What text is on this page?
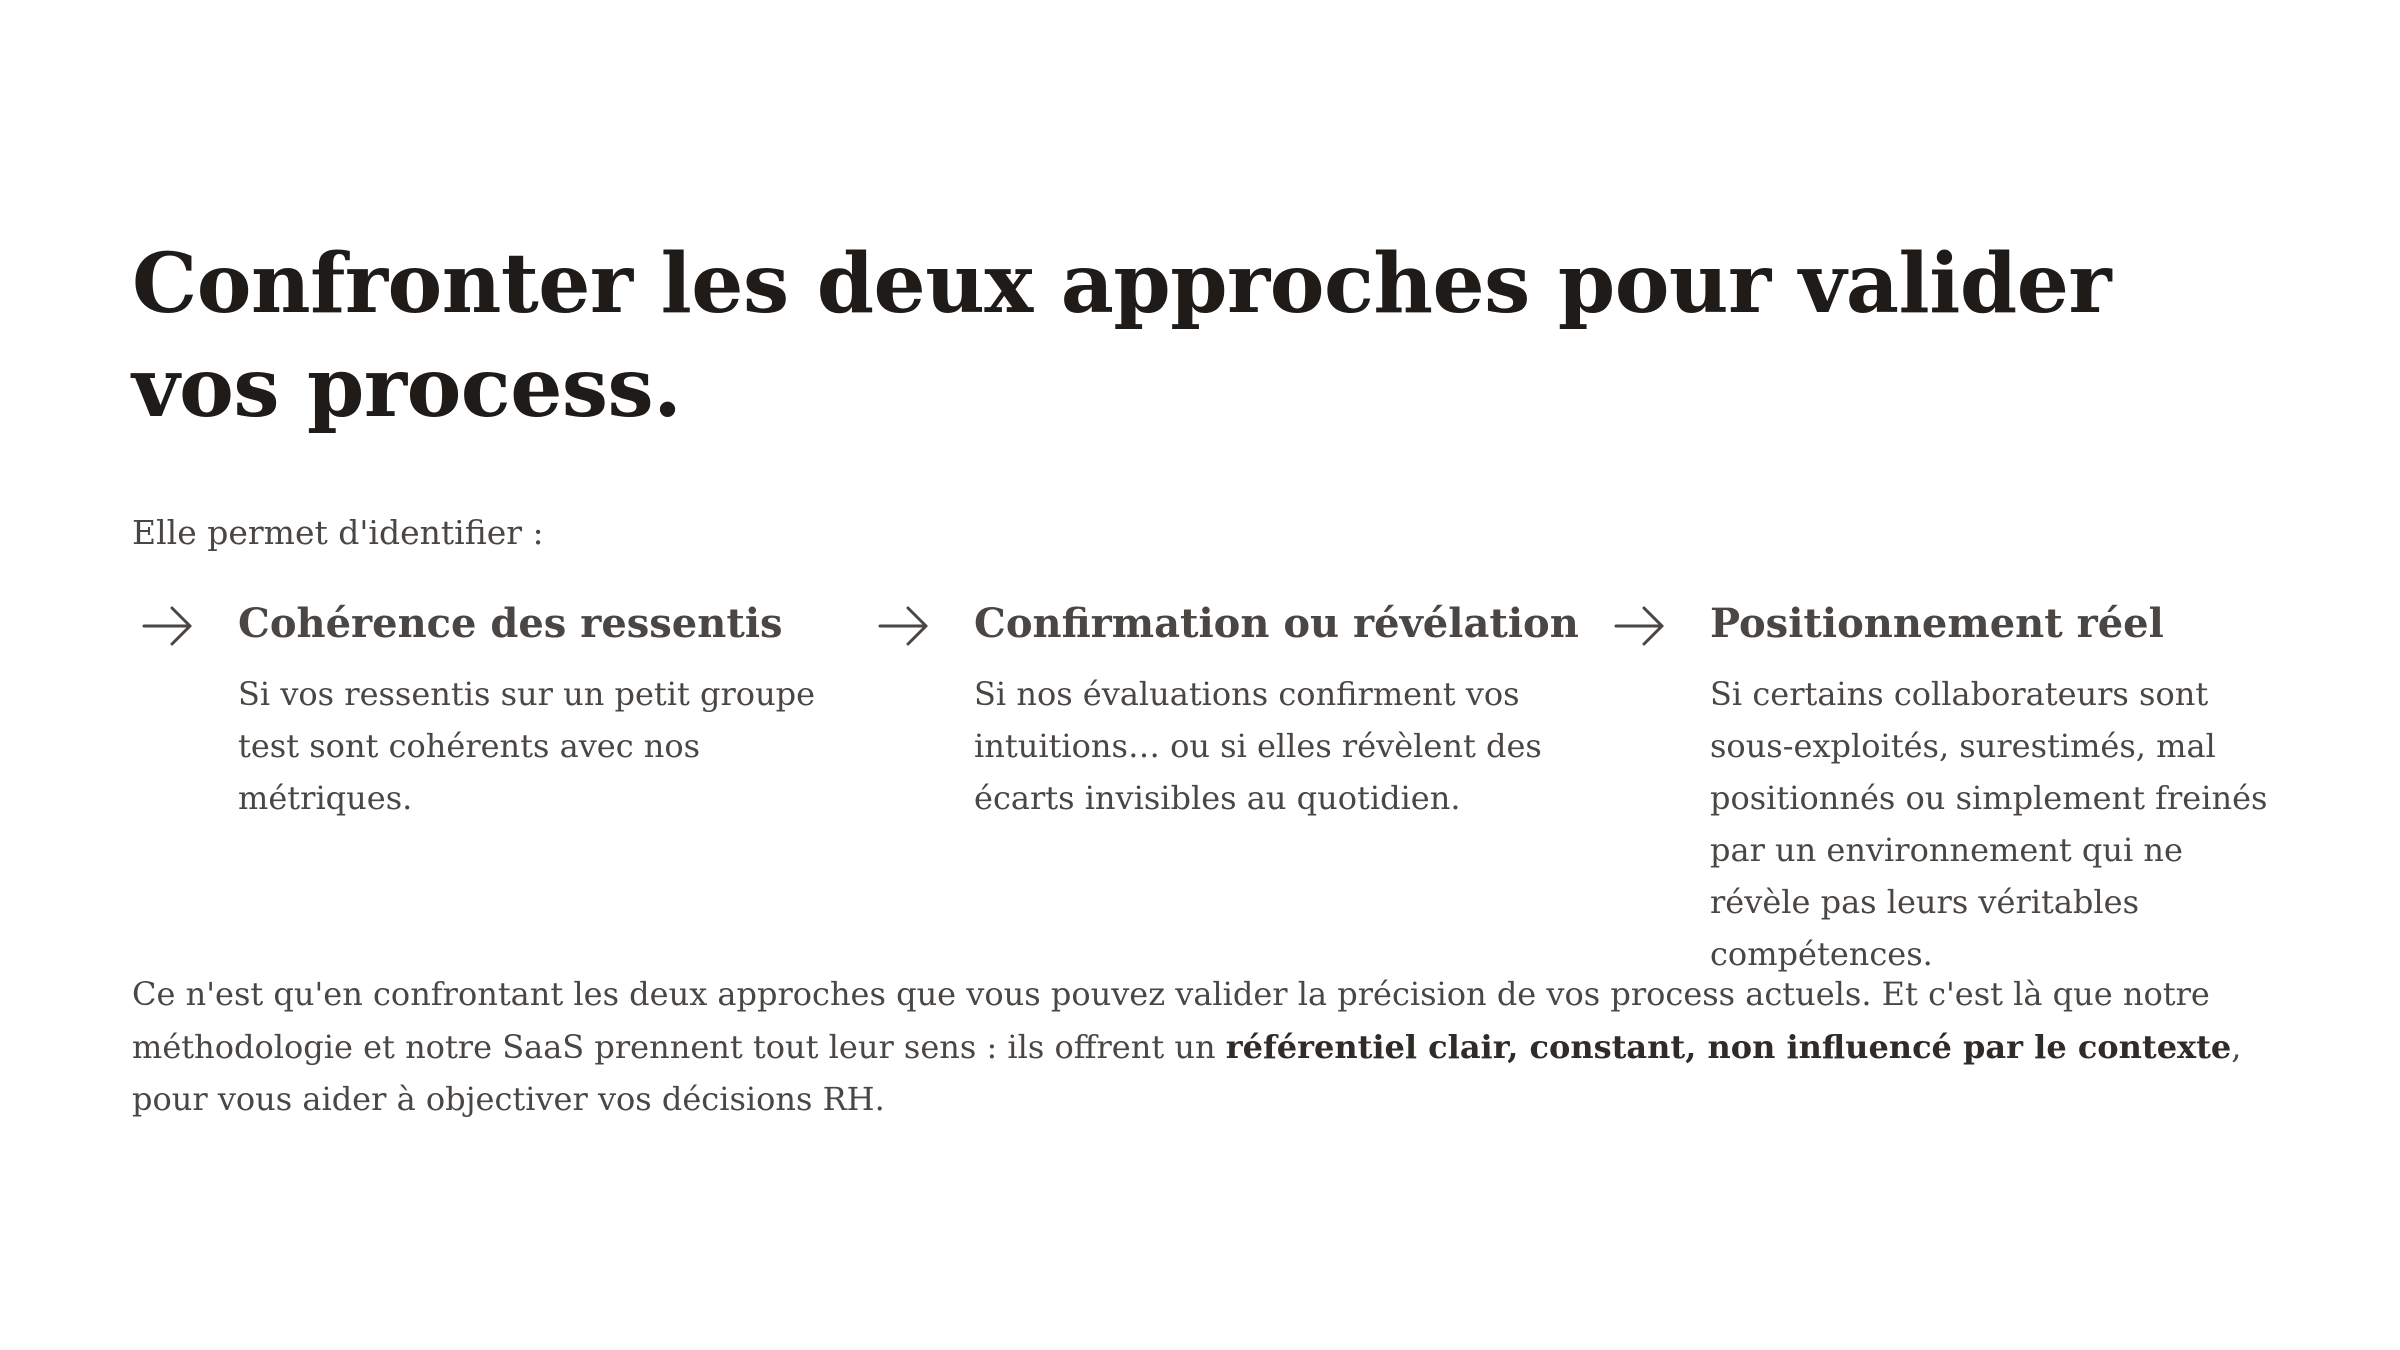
Confronter les deux approches pour valider vos process.

Elle permet d'identifier :

Cohérence des ressentis

Si vos ressentis sur un petit groupe test sont cohérents avec nos métriques.

Confirmation ou révélation

Si nos évaluations confirment vos intuitions… ou si elles révèlent des écarts invisibles au quotidien.

Positionnement réel

Si certains collaborateurs sont sous-exploités, surestimés, mal positionnés ou simplement freinés par un environnement qui ne révèle pas leurs véritables compétences.

Ce n'est qu'en confrontant les deux approches que vous pouvez valider la précision de vos process actuels. Et c'est là que notre méthodologie et notre SaaS prennent tout leur sens : ils offrent un référentiel clair, constant, non influencé par le contexte, pour vous aider à objectiver vos décisions RH.
